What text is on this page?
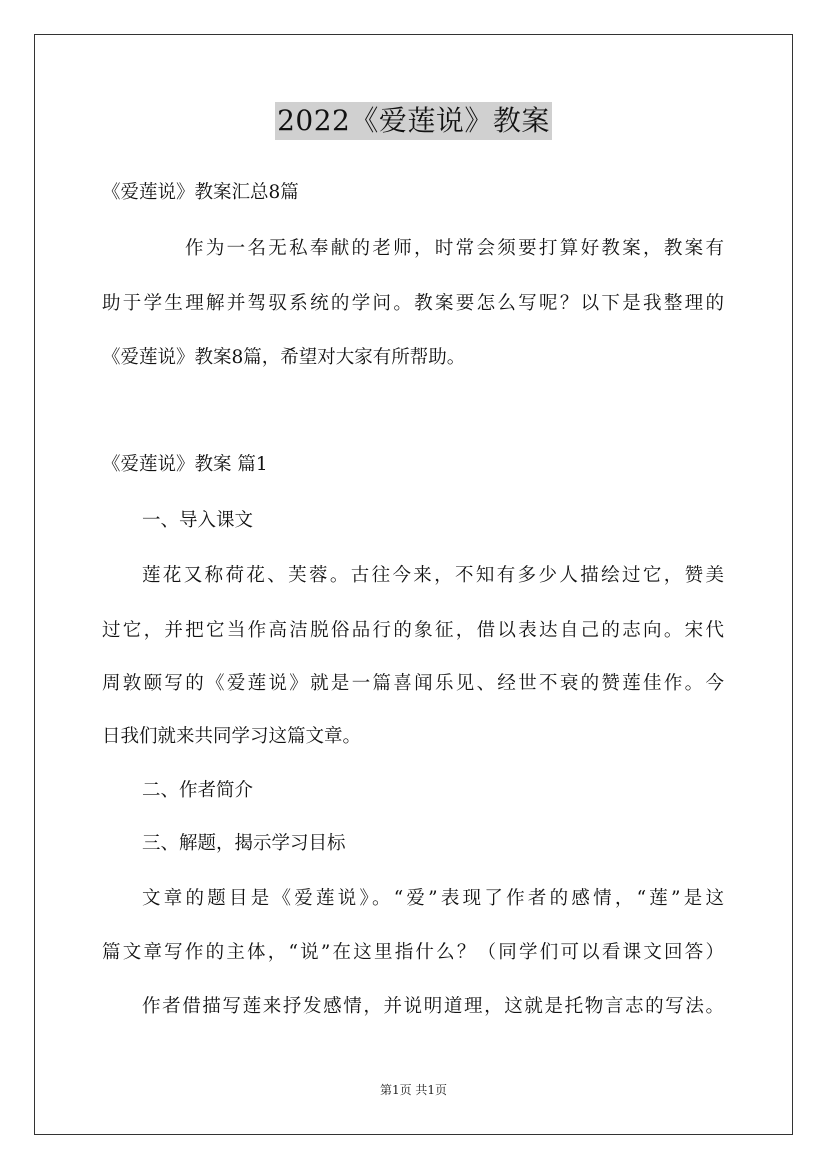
2022《爱莲说》教案
《爱莲说》教案汇总8篇
作为一名无私奉献的老师，时常会须要打算好教案，教案有
助于学生理解并驾驭系统的学问。教案要怎么写呢？以下是我整理的
《爱莲说》教案8篇，希望对大家有所帮助。
《爱莲说》教案 篇1
一、导入课文
莲花又称荷花、芙蓉。古往今来，不知有多少人描绘过它，赞美
过它，并把它当作高洁脱俗品行的象征，借以表达自己的志向。宋代
周敦颐写的《爱莲说》就是一篇喜闻乐见、经世不衰的赞莲佳作。今
日我们就来共同学习这篇文章。
二、作者简介
三、解题，揭示学习目标
文章的题目是《爱莲说》。“爱”表现了作者的感情，“莲”是这
篇文章写作的主体，“说”在这里指什么？（同学们可以看课文回答）
作者借描写莲来抒发感情，并说明道理，这就是托物言志的写法。
第1页 共1页
